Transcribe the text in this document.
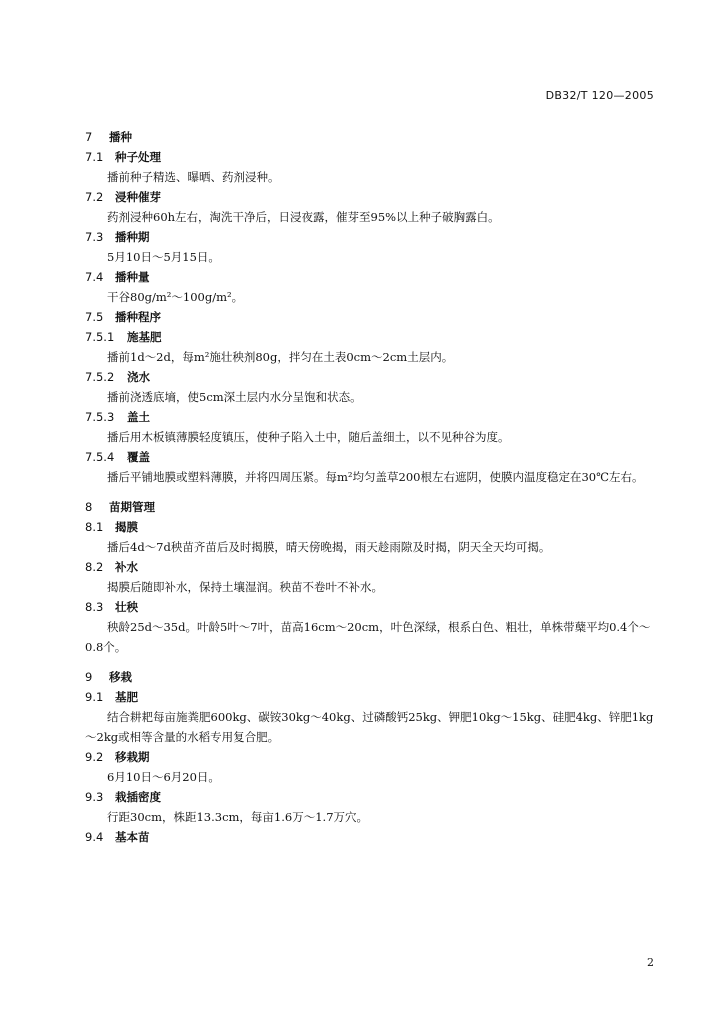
DB32/T 120—2005
7 播种
7.1 种子处理
播前种子精选、曝晒、药剂浸种。
7.2 浸种催芽
药剂浸种60h左右，淘洗干净后，日浸夜露，催芽至95%以上种子破胸露白。
7.3 播种期
5月10日～5月15日。
7.4 播种量
干谷80g/m²～100g/m²。
7.5 播种程序
7.5.1 施基肥
播前1d～2d，每m²施壮秧剂80g，拌匀在土表0cm～2cm土层内。
7.5.2 浇水
播前浇透底墒，使5cm深土层内水分呈饱和状态。
7.5.3 盖土
播后用木板镇薄膜轻度镇压，使种子陷入土中，随后盖细土，以不见种谷为度。
7.5.4 覆盖
播后平铺地膜或塑料薄膜，并将四周压紧。每m²均匀盖草200根左右遮阴，使膜内温度稳定在30℃左右。
8 苗期管理
8.1 揭膜
播后4d～7d秧苗齐苗后及时揭膜，晴天傍晚揭，雨天趁雨隙及时揭，阴天全天均可揭。
8.2 补水
揭膜后随即补水，保持土壤湿润。秧苗不卷叶不补水。
8.3 壮秧
秧龄25d～35d。叶龄5叶～7叶，苗高16cm～20cm，叶色深绿，根系白色、粗壮，单株带蘖平均0.4个～0.8个。
9 移栽
9.1 基肥
结合耕耙每亩施粪肥600kg、碳铵30kg～40kg、过磷酸钙25kg、钾肥10kg～15kg、硅肥4kg、锌肥1kg～2kg或相等含量的水稻专用复合肥。
9.2 移栽期
6月10日～6月20日。
9.3 栽插密度
行距30cm，株距13.3cm，每亩1.6万～1.7万穴。
9.4 基本苗
2
